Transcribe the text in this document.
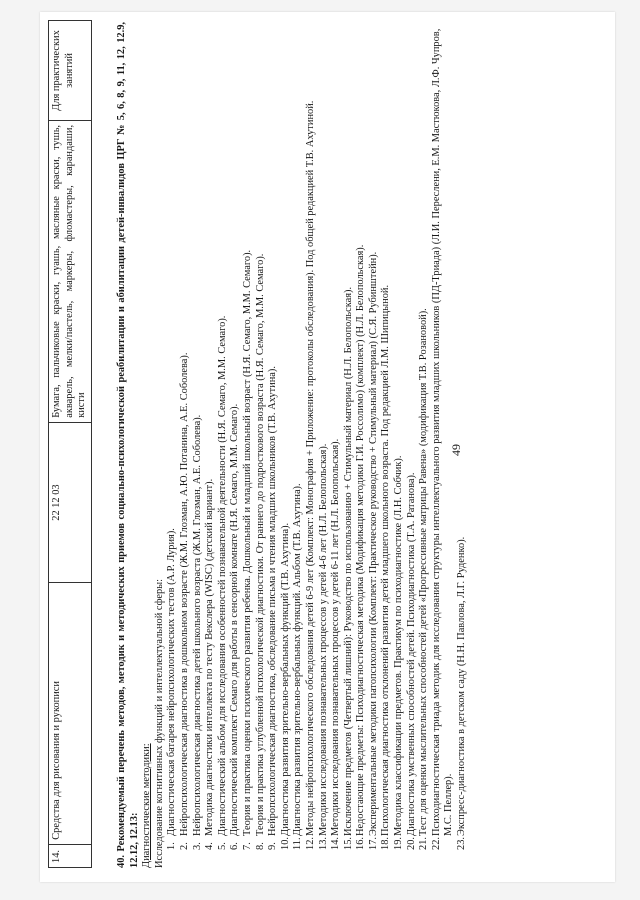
14.	Средства для рисования и рукописи	22 12 03	Бумага, пальчиковые краски, гуашь, масляные краски, тушь, акварель, мелки/пастель, маркеры, фломастеры, карандаши, кисти	Для практических занятий
49
40. Рекомендуемый перечень методов, методик и методических приемов социально-психологической реабилитации и абилитации детей-инвалидов ЦРГ № 5, 6, 8, 9, 11, 12, 12.9, 12.12, 12.13: Диагностические методики: Исследование когнитивных функций и интеллектуальной сферы: 1.
Диагностическая батарея нейропсихологических тестов (А.Р. Лурия).
2.
Нейропсихологическая диагностика в дошкольном возрасте (Ж.М. Глозман, А.Ю. Потанина, А.Е. Соболева).
3.
Нейропсихологическая диагностика детей школьного возраста (Ж.М. Глозман, А.Е. Соболева).
4.
Методика диагностики интеллекта по тесту Векслера (WISC) (детский вариант).
5.
Диагностический альбом для исследования особенностей познавательной деятельности (Н.Я. Семаго, М.М. Семаго).
6.
Диагностический комплект Семаго для работы в сенсорной комнате (Н.Я. Семаго, М.М. Семаго).
7.
Теория и практика оценки психического развития ребенка. Дошкольный и младший школьный возраст (Н.Я. Семаго, М.М. Семаго).
8.
Теория и практика углубленной психологической диагностики. От раннего до подросткового возраста (Н.Я. Семаго, М.М. Семаго).
9.
Нейропсихологическая диагностика, обследование письма и чтения младших школьников (Т.В. Ахутина).
10.
Диагностика развития зрительно-вербальных функций (Т.В. Ахутина).
11.
Диагностика развития зрительно-вербальных функций. Альбом (Т.В. Ахутина).
12.
Методы нейропсихологического обследования детей 6-9 лет (Комплект: Монография + Приложение: протоколы обследования). Под общей редакцией Т.В. Ахутиной.
13.
Методики исследования познавательных процессов у детей 4-6 лет (Н.Л. Белопольская).
14.
Методики исследования познавательных процессов у детей 6-11 лет (Н.Л. Белопольская).
15.
Исключение предметов (Четвертый лишний): Руководство по использованию + Стимульный материал (Н.Л. Белопольская).
16.
Недостающие предметы: Психодиагностическая методика (Модификация методики Г.И. Россолимо) (комплект) (Н.Л. Белопольская).
17.
Экспериментальные методики патопсихологии (Комплект: Практическое руководство + Стимульный материал) (С.Я. Рубинштейн).
18.
Психологическая диагностика отклонений развития детей младшего школьного возраста. Под редакцией Л.М. Шипицыной.
19.
Методика классификации предметов. Практикум по психодиагностике (Л.Н. Собчик).
20.
Диагностика умственных способностей детей. Психодиагностика (Т.А. Ратанова).
21.
Тест для оценки мыслительных способностей детей «Прогрессивные матрицы Равена» (модификация Т.В. Розановой).
22.
Психодиагностическая триада методик для исследования структуры интеллектуального развития младших школьников (ПД-Триада) (Л.И. Переслени, Е.М. Мастюкова, Л.Ф. Чупров, М.С. Пеллер).
23.
Экспресс-диагностика в детском саду (Н.Н. Павлова, Л.Г. Руденко).
